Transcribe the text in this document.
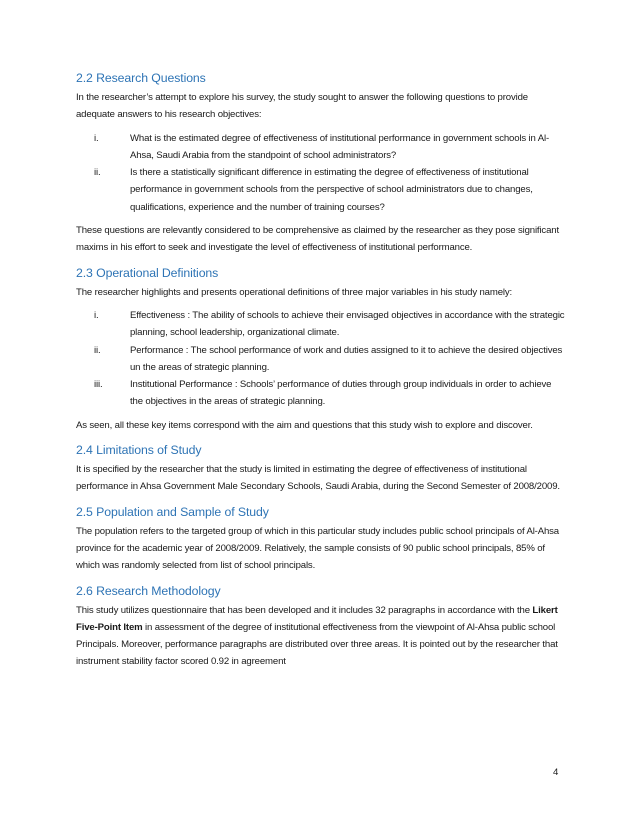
2.2 Research Questions

In the researcher’s attempt to explore his survey, the study sought to answer the following questions to provide adequate answers to his research objectives:

i.	What is the estimated degree of effectiveness of institutional performance in government schools in Al-Ahsa, Saudi Arabia from the standpoint of school administrators?
ii.	Is there a statistically significant difference in estimating the degree of effectiveness of institutional performance in government schools from the perspective of school administrators due to changes, qualifications, experience and the number of training courses?

These questions are relevantly considered to be comprehensive as claimed by the researcher as they pose significant maxims in his effort to seek and investigate the level of effectiveness of institutional performance.

2.3 Operational Definitions

The researcher highlights and presents operational definitions of three major variables in his study namely:

i.	Effectiveness : The ability of schools to achieve their envisaged objectives in accordance with the strategic planning, school leadership, organizational climate.
ii.	Performance : The school performance of work and duties assigned to it to achieve the desired objectives un the areas of strategic planning.
iii.	Institutional Performance : Schools’ performance of duties through group individuals in order to achieve the objectives in the areas of strategic planning.

As seen, all these key items correspond with the aim and questions that this study wish to explore and discover.

2.4 Limitations of Study

It is specified by the researcher that the study is limited in estimating the degree of effectiveness of institutional performance in Ahsa Government Male Secondary Schools, Saudi Arabia, during the Second Semester of 2008/2009.

2.5 Population and Sample of Study

The population refers to the targeted group of which in this particular study includes public school principals of Al-Ahsa province for the academic year of 2008/2009. Relatively, the sample consists of 90 public school principals, 85% of which was randomly selected from list of school principals.

2.6 Research Methodology

This study utilizes questionnaire that has been developed and it includes 32 paragraphs in accordance with the Likert Five-Point Item in assessment of the degree of institutional effectiveness from the viewpoint of Al-Ahsa public school Principals. Moreover, performance paragraphs are distributed over three areas. It is pointed out by the researcher that instrument stability factor scored 0.92 in agreement

4
